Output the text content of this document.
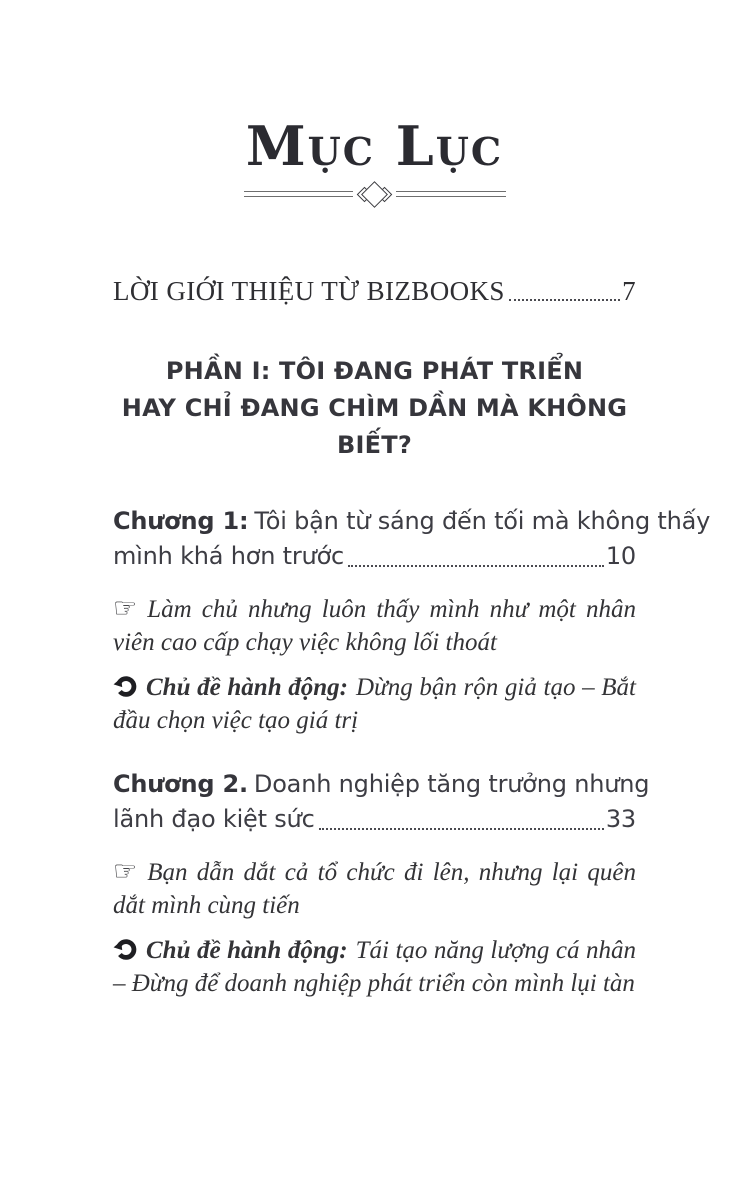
Mục Lục
LỜI GIỚI THIỆU TỪ BIZBOOKS	7
PHẦN I: TÔI ĐANG PHÁT TRIỂN
HAY CHỈ ĐANG CHÌM DẦN MÀ KHÔNG BIẾT?
Chương 1: Tôi bận từ sáng đến tối mà không thấy
mình khá hơn trước	10

☞ Làm chủ nhưng luôn thấy mình như một nhân viên cao cấp chạy việc không lối thoát

Chủ đề hành động: Dừng bận rộn giả tạo – Bắt đầu chọn việc tạo giá trị

Chương 2. Doanh nghiệp tăng trưởng nhưng
lãnh đạo kiệt sức	33

☞ Bạn dẫn dắt cả tổ chức đi lên, nhưng lại quên dắt mình cùng tiến

Chủ đề hành động: Tái tạo năng lượng cá nhân – Đừng để doanh nghiệp phát triển còn mình lụi tàn
